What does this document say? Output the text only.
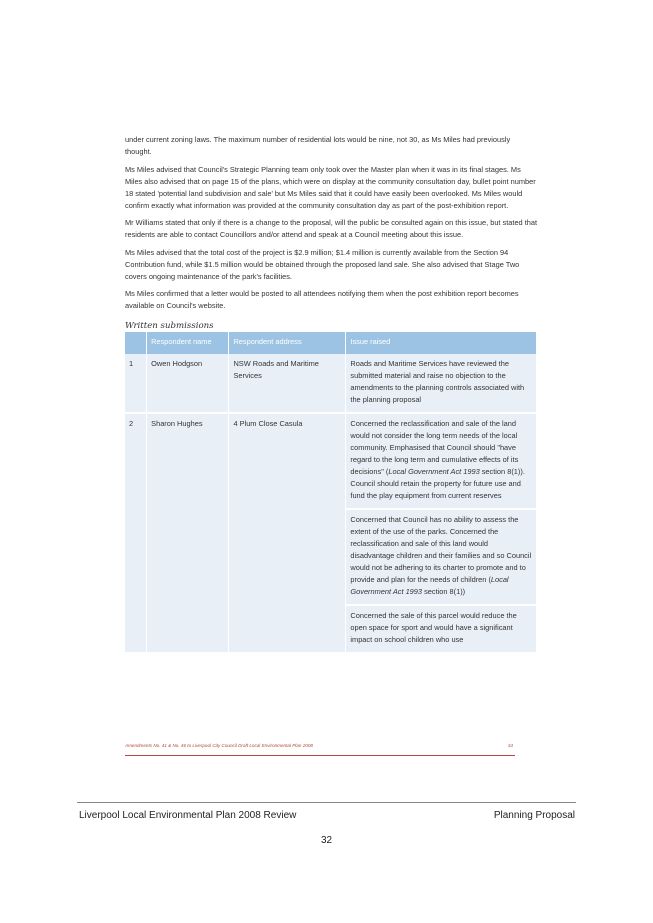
under current zoning laws. The maximum number of residential lots would be nine, not 30, as Ms Miles had previously thought.

Ms Miles advised that Council's Strategic Planning team only took over the Master plan when it was in its final stages. Ms Miles also advised that on page 15 of the plans, which were on display at the community consultation day, bullet point number 18 stated 'potential land subdivision and sale' but Ms Miles said that it could have easily been overlooked. Ms Miles would confirm exactly what information was provided at the community consultation day as part of the post-exhibition report.

Mr Williams stated that only if there is a change to the proposal, will the public be consulted again on this issue, but stated that residents are able to contact Councillors and/or attend and speak at a Council meeting about this issue.

Ms Miles advised that the total cost of the project is $2.9 million; $1.4 million is currently available from the Section 94 Contribution fund, while $1.5 million would be obtained through the proposed land sale. She also advised that Stage Two covers ongoing maintenance of the park's facilities.

Ms Miles confirmed that a letter would be posted to all attendees notifying them when the post exhibition report becomes available on Council's website.

Written submissions
	Respondent name	Respondent address	Issue raised
1	Owen Hodgson	NSW Roads and Maritime Services	Roads and Maritime Services have reviewed the submitted material and raise no objection to the amendments to the planning controls associated with the planning proposal
2	Sharon Hughes	4 Plum Close Casula	Concerned the reclassification and sale of the land would not consider the long term needs of the local community. Emphasised that Council should "have regard to the long term and cumulative effects of its decisions" (Local Government Act 1993 section 8(1)). Council should retain the property for future use and fund the play equipment from current reserves
			Concerned that Council has no ability to assess the extent of the use of the parks. Concerned the reclassification and sale of this land would disadvantage children and their families and so Council would not be adhering to its charter to promote and to provide and plan for the needs of children (Local Government Act 1993 section 8(1))
			Concerned the sale of this parcel would reduce the open space for sport and would have a significant impact on school children who use
Amendments No. 41 & No. 46 to Liverpool City Council Draft Local Environmental Plan 2008	34
Liverpool Local Environmental Plan 2008 Review	Planning Proposal
32
